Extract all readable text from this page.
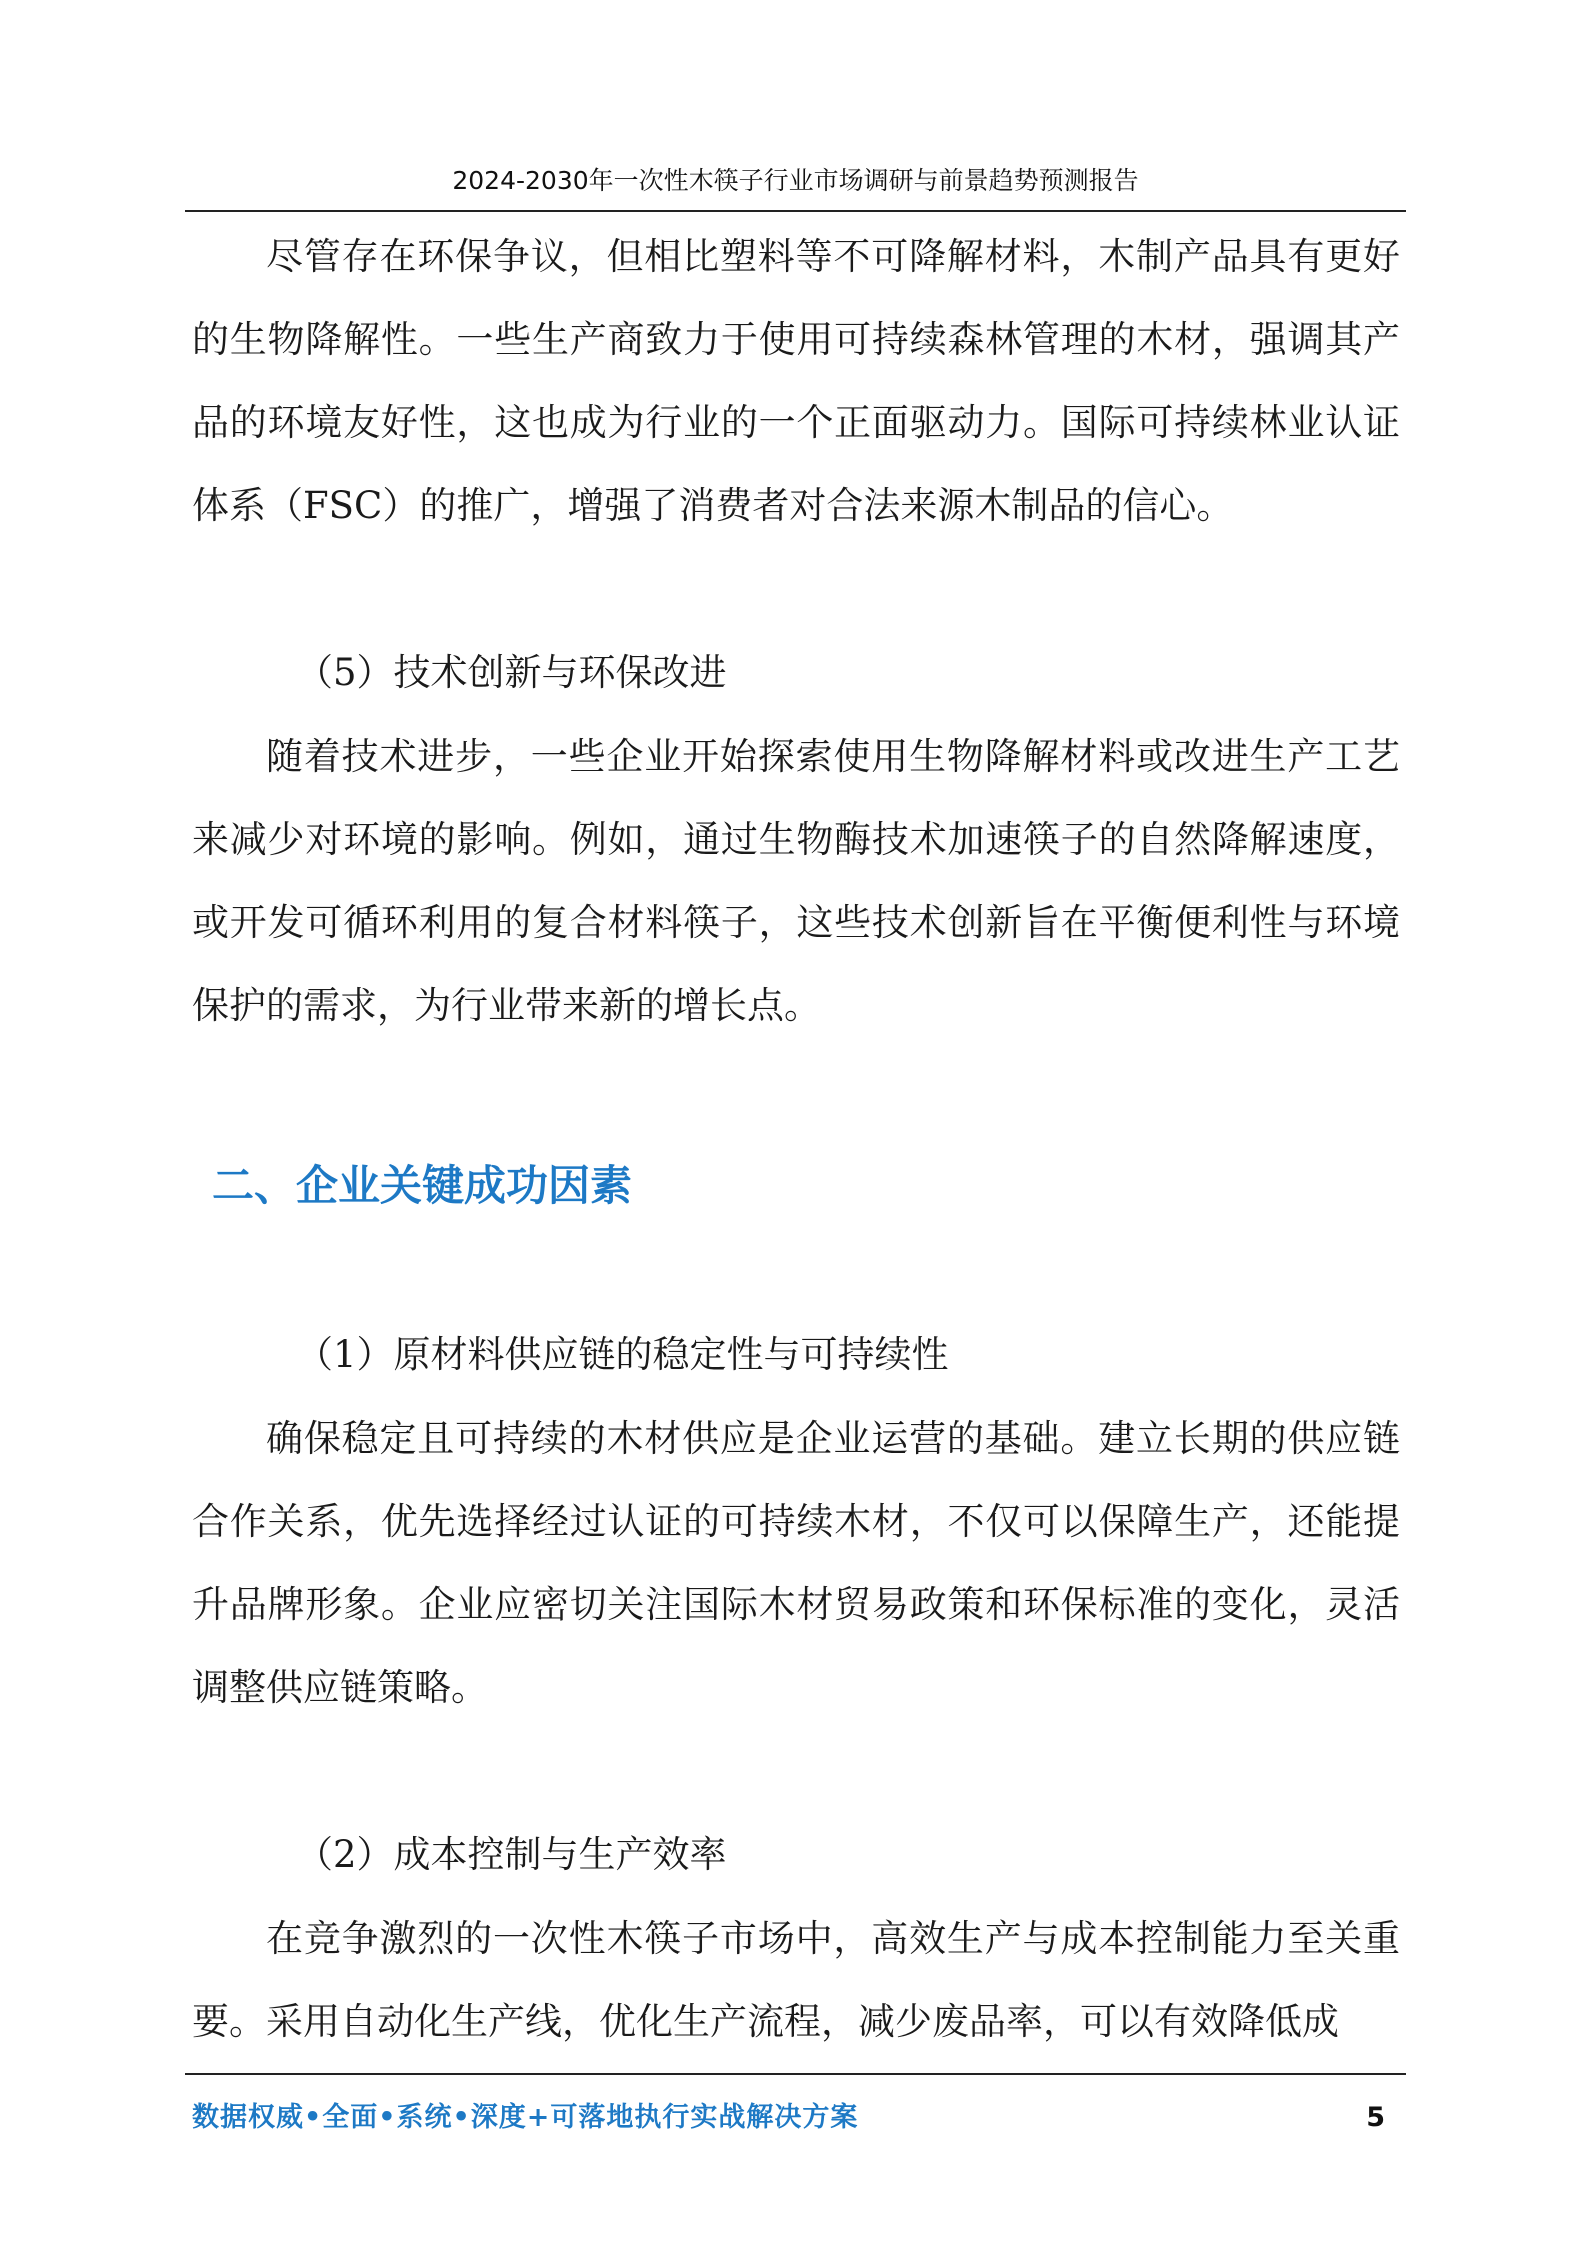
2024-2030年一次性木筷子行业市场调研与前景趋势预测报告

尽管存在环保争议，但相比塑料等不可降解材料，木制产品具有更好的生物降解性。一些生产商致力于使用可持续森林管理的木材，强调其产品的环境友好性，这也成为行业的一个正面驱动力。国际可持续林业认证体系（FSC）的推广，增强了消费者对合法来源木制品的信心。

（5）技术创新与环保改进

随着技术进步，一些企业开始探索使用生物降解材料或改进生产工艺来减少对环境的影响。例如，通过生物酶技术加速筷子的自然降解速度，或开发可循环利用的复合材料筷子，这些技术创新旨在平衡便利性与环境保护的需求，为行业带来新的增长点。

二、企业关键成功因素

（1）原材料供应链的稳定性与可持续性

确保稳定且可持续的木材供应是企业运营的基础。建立长期的供应链合作关系，优先选择经过认证的可持续木材，不仅可以保障生产，还能提升品牌形象。企业应密切关注国际木材贸易政策和环保标准的变化，灵活调整供应链策略。

（2）成本控制与生产效率

在竞争激烈的一次性木筷子市场中，高效生产与成本控制能力至关重要。采用自动化生产线，优化生产流程，减少废品率，可以有效降低成

数据权威•全面•系统•深度+可落地执行实战解决方案	5
